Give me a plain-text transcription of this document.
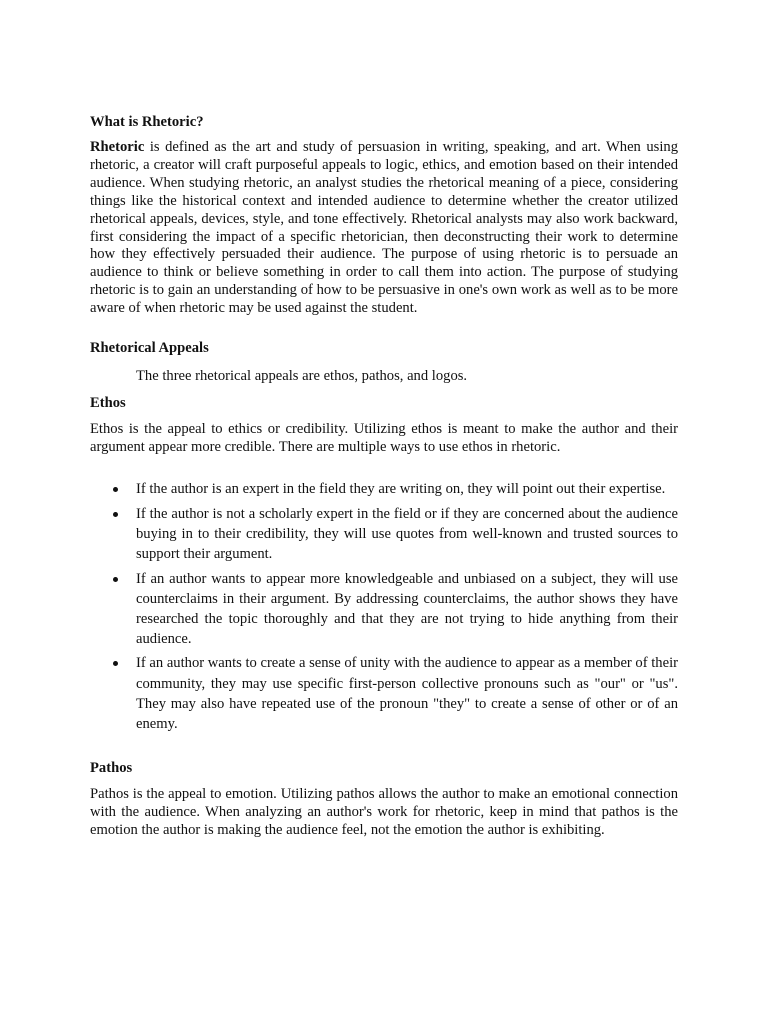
What is Rhetoric?

Rhetoric is defined as the art and study of persuasion in writing, speaking, and art. When using rhetoric, a creator will craft purposeful appeals to logic, ethics, and emotion based on their intended audience. When studying rhetoric, an analyst studies the rhetorical meaning of a piece, considering things like the historical context and intended audience to determine whether the creator utilized rhetorical appeals, devices, style, and tone effectively. Rhetorical analysts may also work backward, first considering the impact of a specific rhetorician, then deconstructing their work to determine how they effectively persuaded their audience. The purpose of using rhetoric is to persuade an audience to think or believe something in order to call them into action. The purpose of studying rhetoric is to gain an understanding of how to be persuasive in one's own work as well as to be more aware of when rhetoric may be used against the student.

Rhetorical Appeals

The three rhetorical appeals are ethos, pathos, and logos.

Ethos

Ethos is the appeal to ethics or credibility. Utilizing ethos is meant to make the author and their argument appear more credible. There are multiple ways to use ethos in rhetoric.

If the author is an expert in the field they are writing on, they will point out their expertise.
If the author is not a scholarly expert in the field or if they are concerned about the audience buying in to their credibility, they will use quotes from well-known and trusted sources to support their argument.
If an author wants to appear more knowledgeable and unbiased on a subject, they will use counterclaims in their argument. By addressing counterclaims, the author shows they have researched the topic thoroughly and that they are not trying to hide anything from their audience.
If an author wants to create a sense of unity with the audience to appear as a member of their community, they may use specific first-person collective pronouns such as "our" or "us". They may also have repeated use of the pronoun "they" to create a sense of other or of an enemy.
Pathos

Pathos is the appeal to emotion. Utilizing pathos allows the author to make an emotional connection with the audience. When analyzing an author's work for rhetoric, keep in mind that pathos is the emotion the author is making the audience feel, not the emotion the author is exhibiting.
